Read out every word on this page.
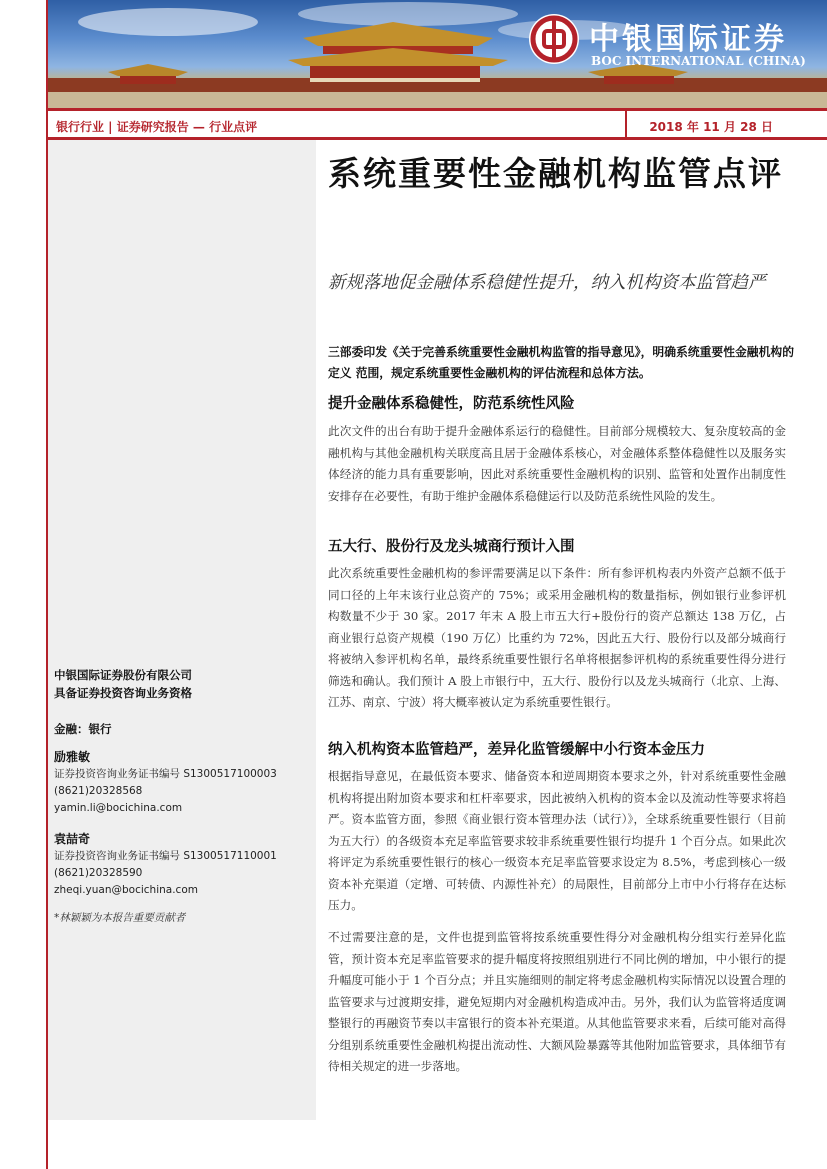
中银国际证券
BOC INTERNATIONAL (CHINA)
银行行业 | 证券研究报告 — 行业点评	2018 年 11 月 28 日
系统重要性金融机构监管点评
新规落地促金融体系稳健性提升，纳入机构资本监管趋严
三部委印发《关于完善系统重要性金融机构监管的指导意见》，明确系统重要性金融机构的定义 范围，规定系统重要性金融机构的评估流程和总体方法。
提升金融体系稳健性，防范系统性风险
此次文件的出台有助于提升金融体系运行的稳健性。目前部分规模较大、复杂度较高的金融机构与其他金融机构关联度高且居于金融体系核心，对金融体系整体稳健性以及服务实体经济的能力具有重要影响，因此对系统重要性金融机构的识别、监管和处置作出制度性安排存在必要性，有助于维护金融体系稳健运行以及防范系统性风险的发生。
五大行、股份行及龙头城商行预计入围
此次系统重要性金融机构的参评需要满足以下条件：所有参评机构表内外资产总额不低于同口径的上年末该行业总资产的 75%；或采用金融机构的数量指标，例如银行业参评机构数量不少于 30 家。2017 年末 A 股上市五大行+股份行的资产总额达 138 万亿，占商业银行总资产规模（190 万亿）比重约为 72%，因此五大行、股份行以及部分城商行将被纳入参评机构名单，最终系统重要性银行名单将根据参评机构的系统重要性得分进行筛选和确认。我们预计 A 股上市银行中，五大行、股份行以及龙头城商行（北京、上海、江苏、南京、宁波）将大概率被认定为系统重要性银行。
纳入机构资本监管趋严，差异化监管缓解中小行资本金压力
根据指导意见，在最低资本要求、储备资本和逆周期资本要求之外，针对系统重要性金融机构将提出附加资本要求和杠杆率要求，因此被纳入机构的资本金以及流动性等要求将趋严。资本监管方面，参照《商业银行资本管理办法（试行）》，全球系统重要性银行（目前为五大行）的各级资本充足率监管要求较非系统重要性银行均提升 1 个百分点。如果此次将评定为系统重要性银行的核心一级资本充足率监管要求设定为 8.5%，考虑到核心一级资本补充渠道（定增、可转债、内源性补充）的局限性，目前部分上市中小行将存在达标压力。
不过需要注意的是，文件也提到监管将按系统重要性得分对金融机构分组实行差异化监管，预计资本充足率监管要求的提升幅度将按照组别进行不同比例的增加，中小银行的提升幅度可能小于 1 个百分点；并且实施细则的制定将考虑金融机构实际情况以设置合理的监管要求与过渡期安排，避免短期内对金融机构造成冲击。另外，我们认为监管将适度调整银行的再融资节奏以丰富银行的资本补充渠道。从其他监管要求来看，后续可能对高得分组别系统重要性金融机构提出流动性、大额风险暴露等其他附加监管要求，具体细节有待相关规定的进一步落地。
中银国际证券股份有限公司
具备证券投资咨询业务资格
金融：银行
励雅敏
证券投资咨询业务证书编号 S1300517100003
(8621)20328568
yamin.li@bocichina.com
袁喆奇
证券投资咨询业务证书编号 S1300517110001
(8621)20328590
zheqi.yuan@bocichina.com
*林颖颖为本报告重要贡献者
